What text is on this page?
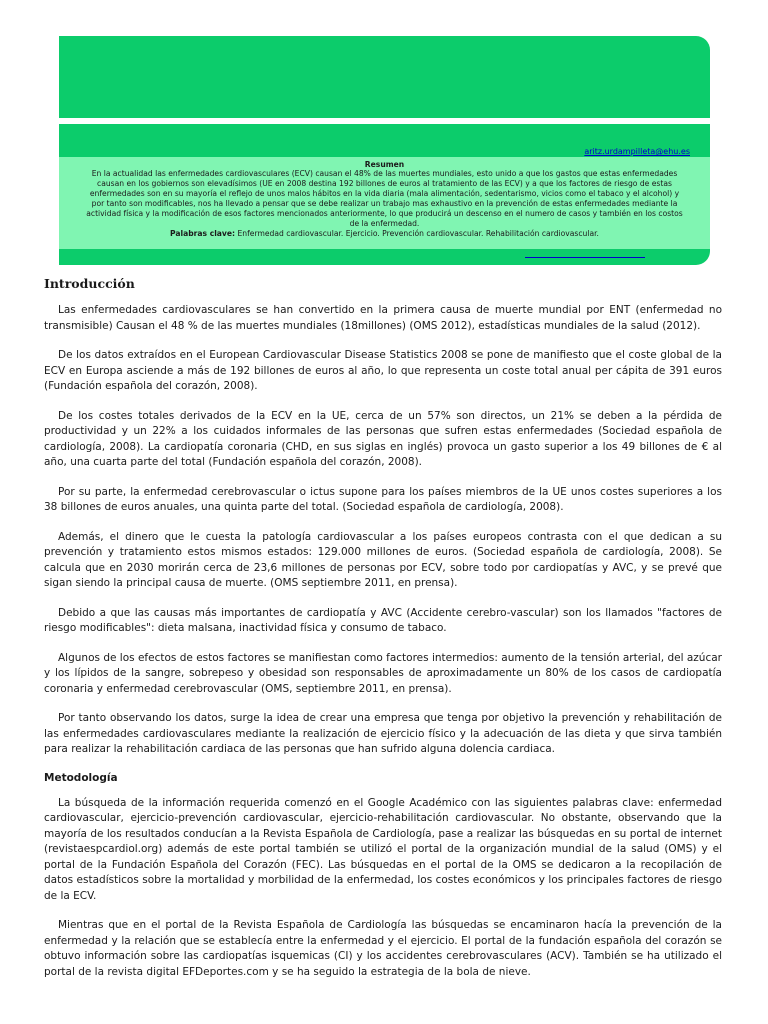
aritz.urdampilleta@ehu.es
Resumen

En la actualidad las enfermedades cardiovasculares (ECV) causan el 48% de las muertes mundiales, esto unido a que los gastos que estas enfermedades causan en los gobiernos son elevadísimos (UE en 2008 destina 192 billones de euros al tratamiento de las ECV) y a que los factores de riesgo de estas enfermedades son en su mayoría el reflejo de unos malos hábitos en la vida diaria (mala alimentación, sedentarismo, vicios como el tabaco y el alcohol) y por tanto son modificables, nos ha llevado a pensar que se debe realizar un trabajo mas exhaustivo en la prevención de estas enfermedades mediante la actividad física y la modificación de esos factores mencionados anteriormente, lo que producirá un descenso en el numero de casos y también en los costos de la enfermedad.
Palabras clave: Enfermedad cardiovascular. Ejercicio. Prevención cardiovascular. Rehabilitación cardiovascular.

Introducción

Las enfermedades cardiovasculares se han convertido en la primera causa de muerte mundial por ENT (enfermedad no transmisible) Causan el 48 % de las muertes mundiales (18millones) (OMS 2012), estadísticas mundiales de la salud (2012).

De los datos extraídos en el European Cardiovascular Disease Statistics 2008 se pone de manifiesto que el coste global de la ECV en Europa asciende a más de 192 billones de euros al año, lo que representa un coste total anual per cápita de 391 euros (Fundación española del corazón, 2008).

De los costes totales derivados de la ECV en la UE, cerca de un 57% son directos, un 21% se deben a la pérdida de productividad y un 22% a los cuidados informales de las personas que sufren estas enfermedades (Sociedad española de cardiología, 2008). La cardiopatía coronaria (CHD, en sus siglas en inglés) provoca un gasto superior a los 49 billones de € al año, una cuarta parte del total (Fundación española del corazón, 2008).

Por su parte, la enfermedad cerebrovascular o ictus supone para los países miembros de la UE unos costes superiores a los 38 billones de euros anuales, una quinta parte del total. (Sociedad española de cardiología, 2008).

Además, el dinero que le cuesta la patología cardiovascular a los países europeos contrasta con el que dedican a su prevención y tratamiento estos mismos estados: 129.000 millones de euros. (Sociedad española de cardiología, 2008). Se calcula que en 2030 morirán cerca de 23,6 millones de personas por ECV, sobre todo por cardiopatías y AVC, y se prevé que sigan siendo la principal causa de muerte. (OMS septiembre 2011, en prensa).

Debido a que las causas más importantes de cardiopatía y AVC (Accidente cerebro-vascular) son los llamados "factores de riesgo modificables": dieta malsana, inactividad física y consumo de tabaco.

Algunos de los efectos de estos factores se manifiestan como factores intermedios: aumento de la tensión arterial, del azúcar y los lípidos de la sangre, sobrepeso y obesidad son responsables de aproximadamente un 80% de los casos de cardiopatía coronaria y enfermedad cerebrovascular (OMS, septiembre 2011, en prensa).

Por tanto observando los datos, surge la idea de crear una empresa que tenga por objetivo la prevención y rehabilitación de las enfermedades cardiovasculares mediante la realización de ejercicio físico y la adecuación de las dieta y que sirva también para realizar la rehabilitación cardiaca de las personas que han sufrido alguna dolencia cardiaca.

Metodología

La búsqueda de la información requerida comenzó en el Google Académico con las siguientes palabras clave: enfermedad cardiovascular, ejercicio-prevención cardiovascular, ejercicio-rehabilitación cardiovascular. No obstante, observando que la mayoría de los resultados conducían a la Revista Española de Cardiología, pase a realizar las búsquedas en su portal de internet (revistaespcardiol.org) además de este portal también se utilizó el portal de la organización mundial de la salud (OMS) y el portal de la Fundación Española del Corazón (FEC). Las búsquedas en el portal de la OMS se dedicaron a la recopilación de datos estadísticos sobre la mortalidad y morbilidad de la enfermedad, los costes económicos y los principales factores de riesgo de la ECV.

Mientras que en el portal de la Revista Española de Cardiología las búsquedas se encaminaron hacía la prevención de la enfermedad y la relación que se establecía entre la enfermedad y el ejercicio. El portal de la fundación española del corazón se obtuvo información sobre las cardiopatías isquemicas (CI) y los accidentes cerebrovasculares (ACV). También se ha utilizado el portal de la revista digital EFDeportes.com y se ha seguido la estrategia de la bola de nieve.
